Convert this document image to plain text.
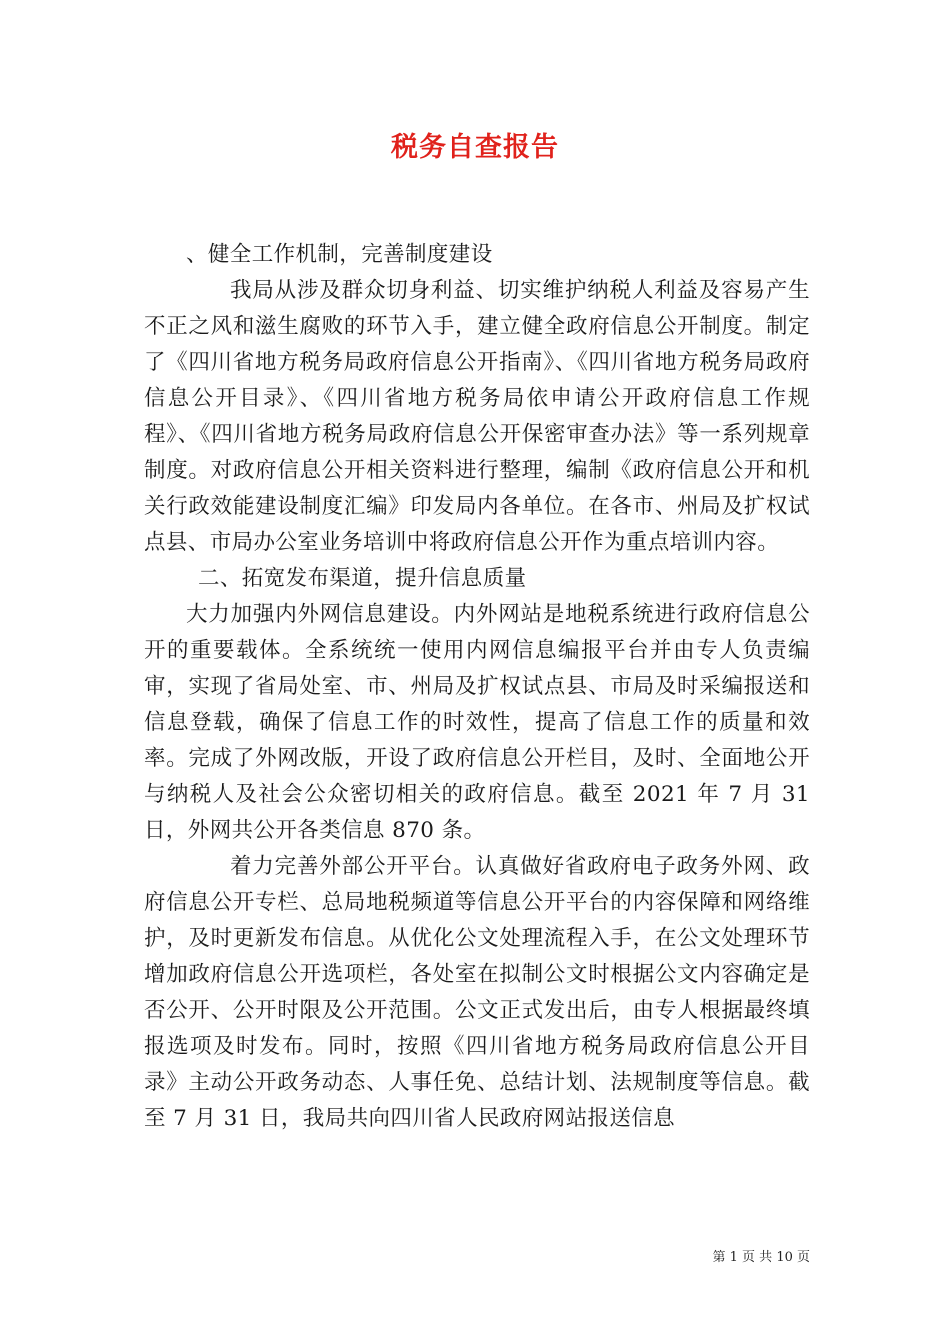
税务自查报告

、健全工作机制，完善制度建设

我局从涉及群众切身利益、切实维护纳税人利益及容易产生不正之风和滋生腐败的环节入手，建立健全政府信息公开制度。制定了《四川省地方税务局政府信息公开指南》、《四川省地方税务局政府信息公开目录》、《四川省地方税务局依申请公开政府信息工作规程》、《四川省地方税务局政府信息公开保密审查办法》等一系列规章制度。对政府信息公开相关资料进行整理，编制《政府信息公开和机关行政效能建设制度汇编》印发局内各单位。在各市、州局及扩权试点县、市局办公室业务培训中将政府信息公开作为重点培训内容。

二、拓宽发布渠道，提升信息质量

大力加强内外网信息建设。内外网站是地税系统进行政府信息公开的重要载体。全系统统一使用内网信息编报平台并由专人负责编审，实现了省局处室、市、州局及扩权试点县、市局及时采编报送和信息登载，确保了信息工作的时效性，提高了信息工作的质量和效率。完成了外网改版，开设了政府信息公开栏目，及时、全面地公开与纳税人及社会公众密切相关的政府信息。截至 2021 年 7 月 31 日，外网共公开各类信息 870 条。

着力完善外部公开平台。认真做好省政府电子政务外网、政府信息公开专栏、总局地税频道等信息公开平台的内容保障和网络维护，及时更新发布信息。从优化公文处理流程入手，在公文处理环节增加政府信息公开选项栏，各处室在拟制公文时根据公文内容确定是否公开、公开时限及公开范围。公文正式发出后，由专人根据最终填报选项及时发布。同时，按照《四川省地方税务局政府信息公开目录》主动公开政务动态、人事任免、总结计划、法规制度等信息。截至 7 月 31 日，我局共向四川省人民政府网站报送信息

第 1 页 共 10 页
